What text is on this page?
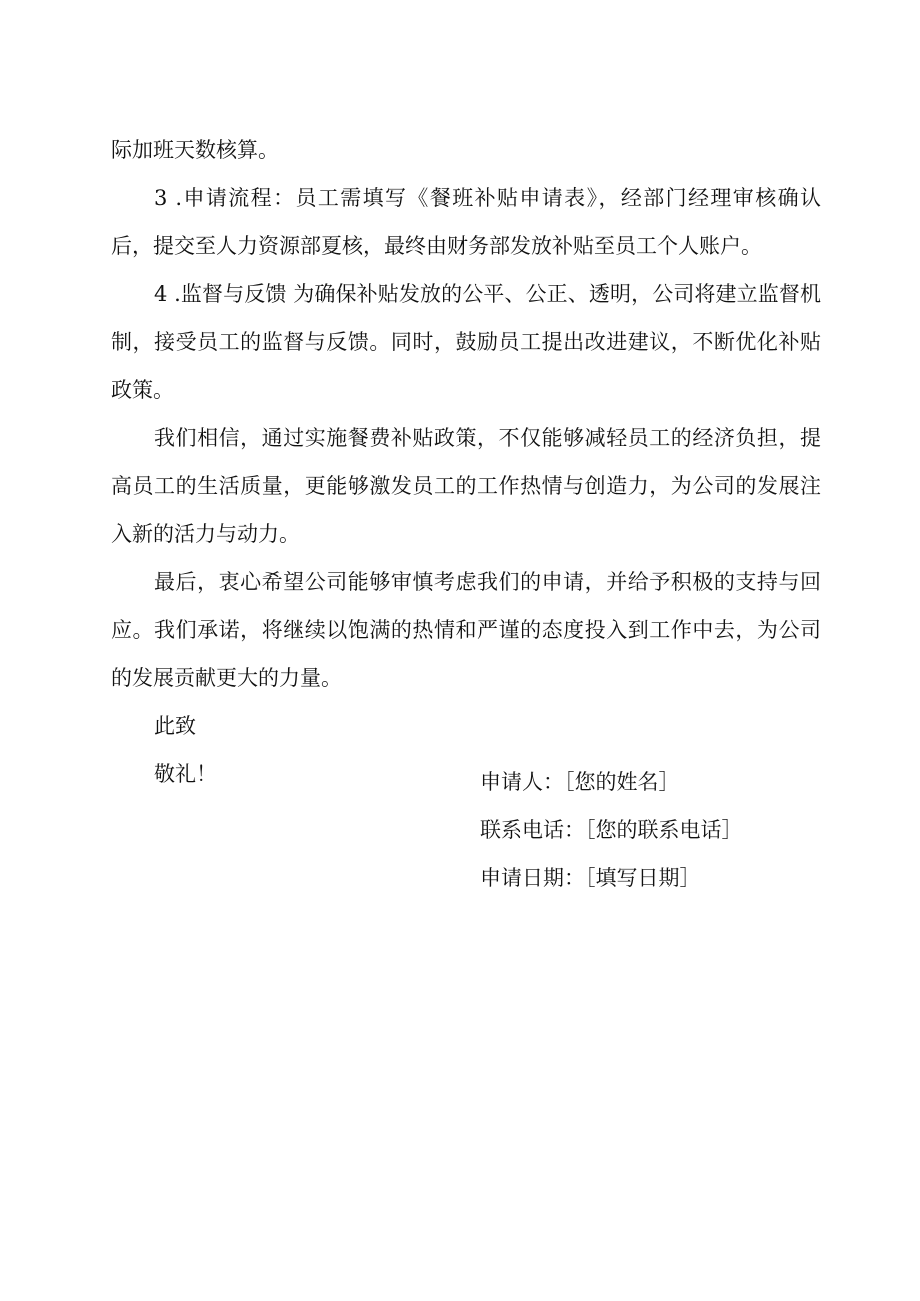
际加班天数核算。

3 .申请流程：员工需填写《餐班补贴申请表》，经部门经理审核确认后，提交至人力资源部夏核，最终由财务部发放补贴至员工个人账户。

4 .监督与反馈 为确保补贴发放的公平、公正、透明，公司将建立监督机制，接受员工的监督与反馈。同时，鼓励员工提出改进建议，不断优化补贴政策。

我们相信，通过实施餐费补贴政策，不仅能够减轻员工的经济负担，提高员工的生活质量，更能够激发员工的工作热情与创造力，为公司的发展注入新的活力与动力。

最后，衷心希望公司能够审慎考虑我们的申请，并给予积极的支持与回应。我们承诺，将继续以饱满的热情和严谨的态度投入到工作中去，为公司的发展贡献更大的力量。

此致

敬礼！	申请人：［您的姓名］
联系电话：［您的联系电话］
申请日期：［填写日期］
